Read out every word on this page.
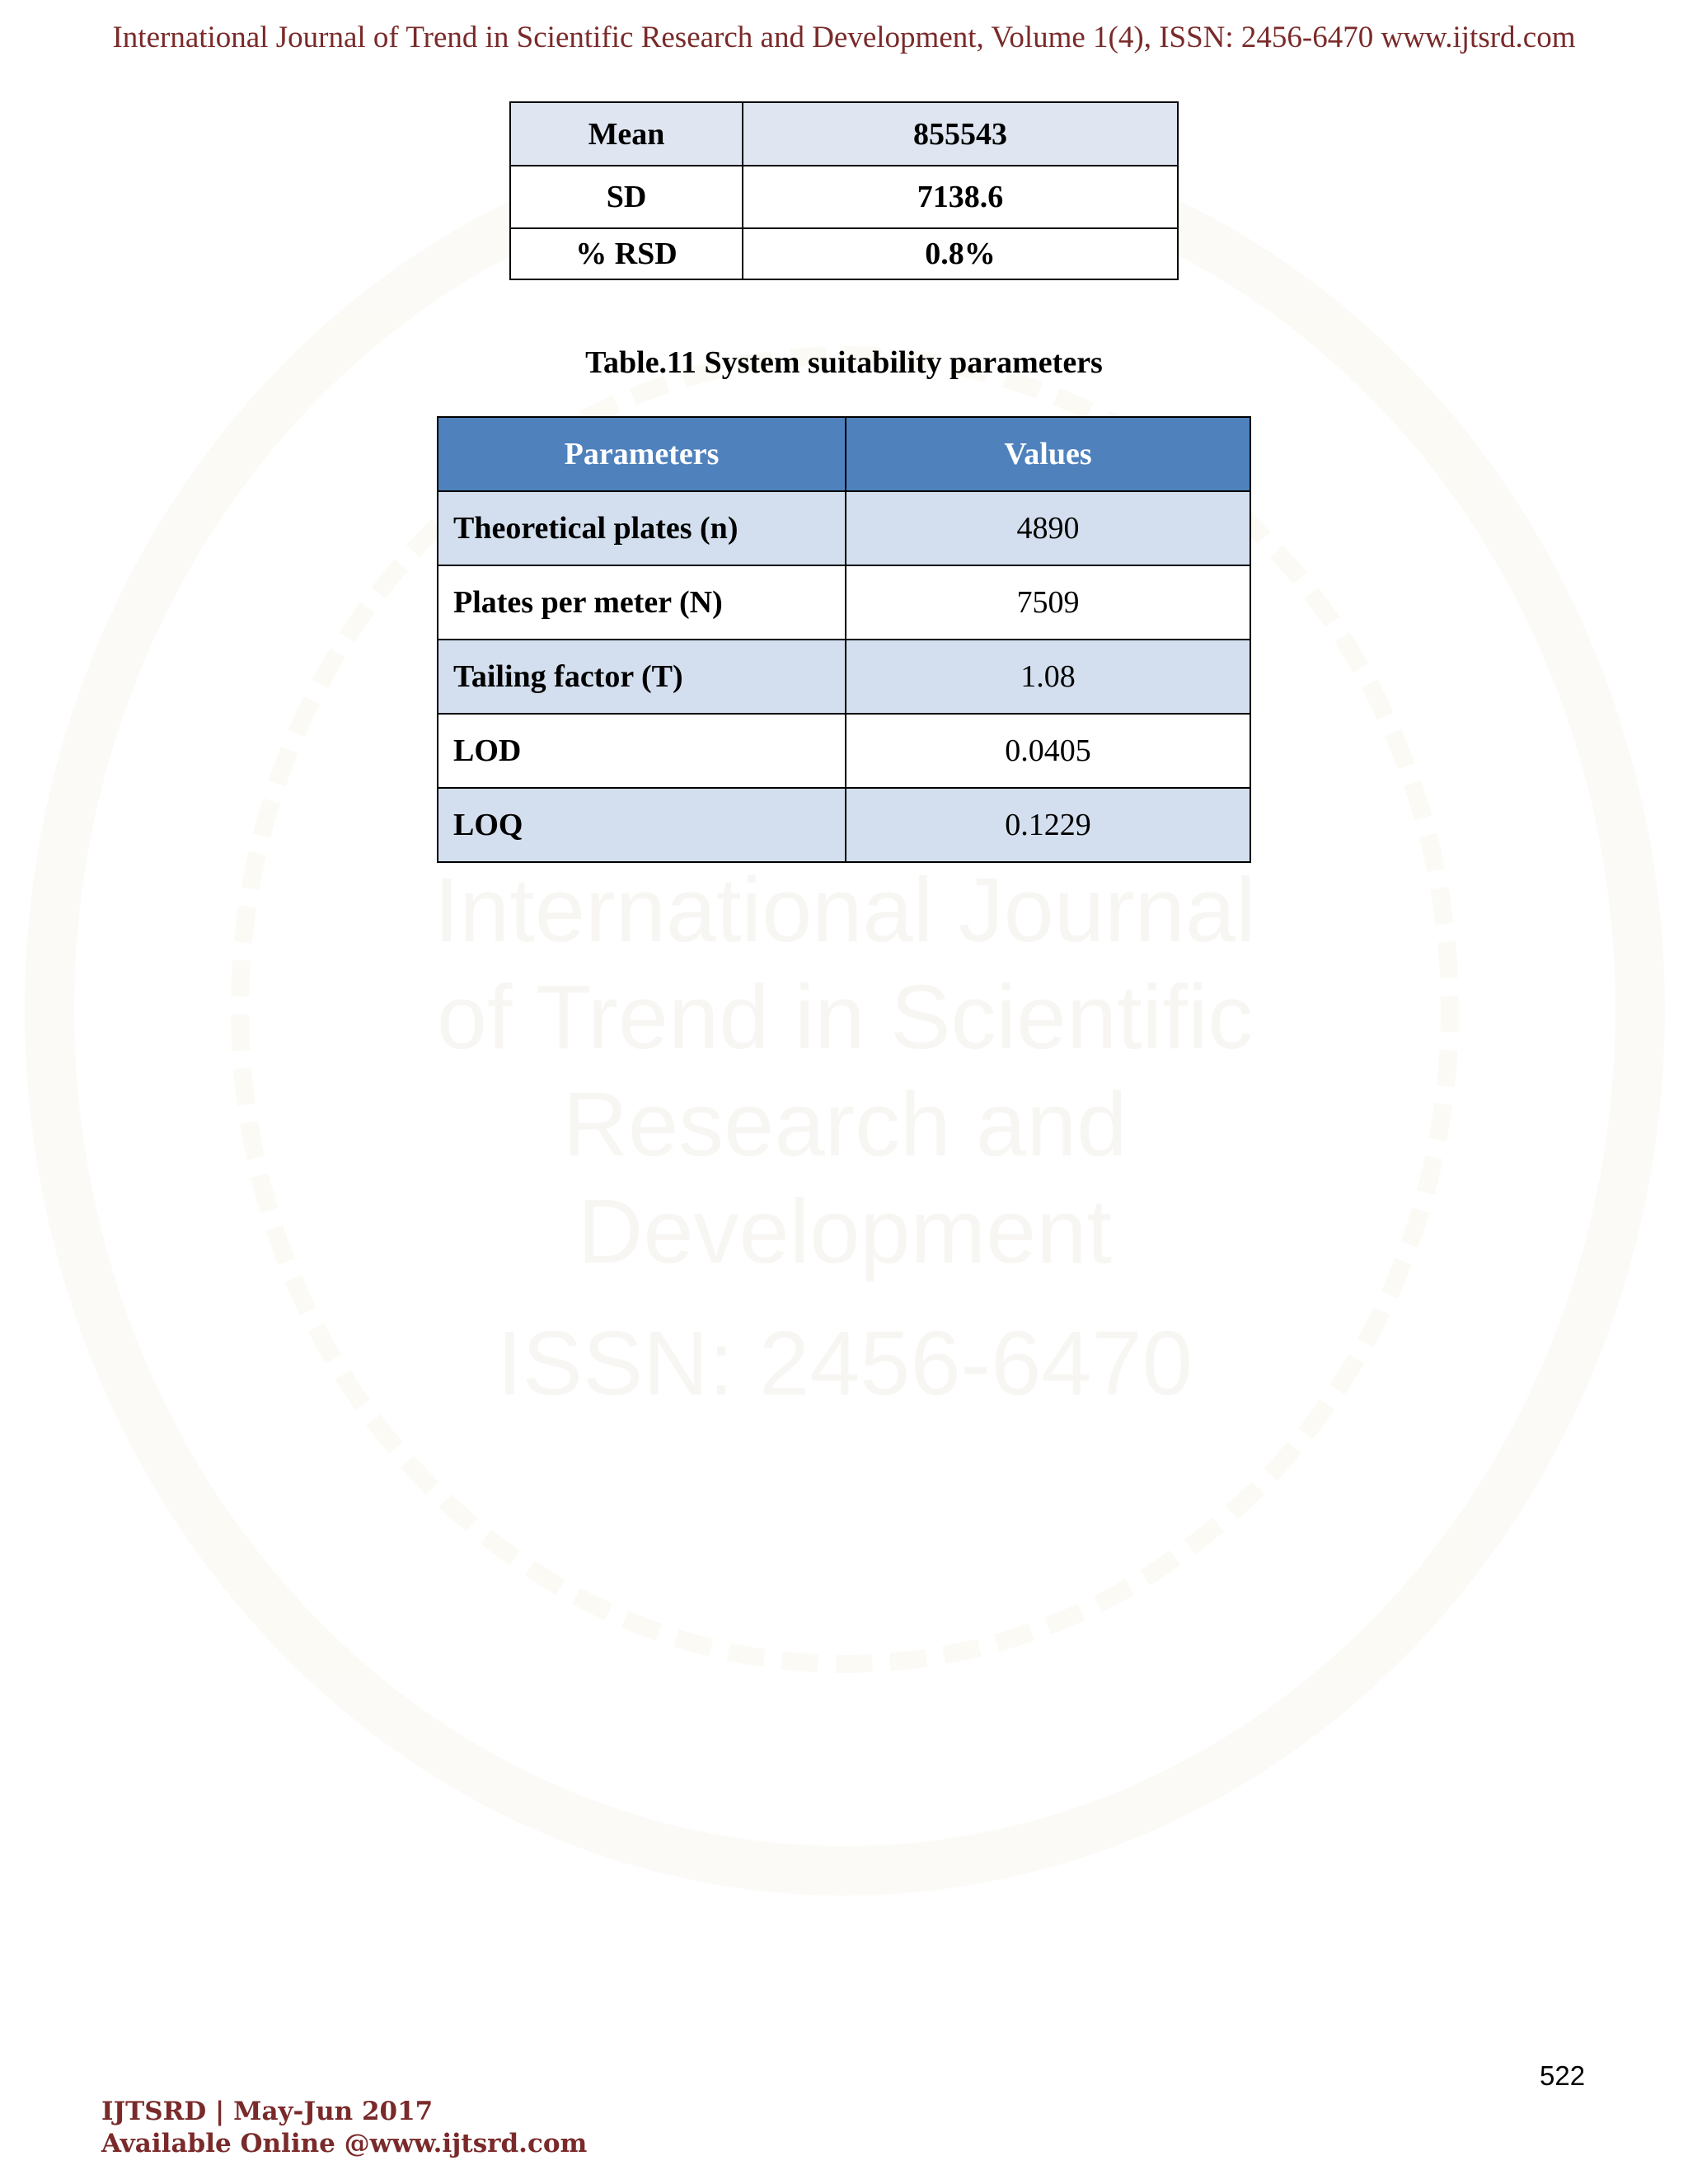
International Journal
of Trend in Scientific
Research and
Development
ISSN: 2456-6470
International Journal of Trend in Scientific Research and Development, Volume 1(4), ISSN: 2456-6470 www.ijtsrd.com
Mean	855543
SD	7138.6
% RSD	0.8%
Table.11 System suitability parameters
Parameters	Values
Theoretical plates (n)	4890
Plates per meter (N)	7509
Tailing factor (T)	1.08
LOD	0.0405
LOQ	0.1229
522
IJTSRD | May-Jun 2017
Available Online @www.ijtsrd.com
